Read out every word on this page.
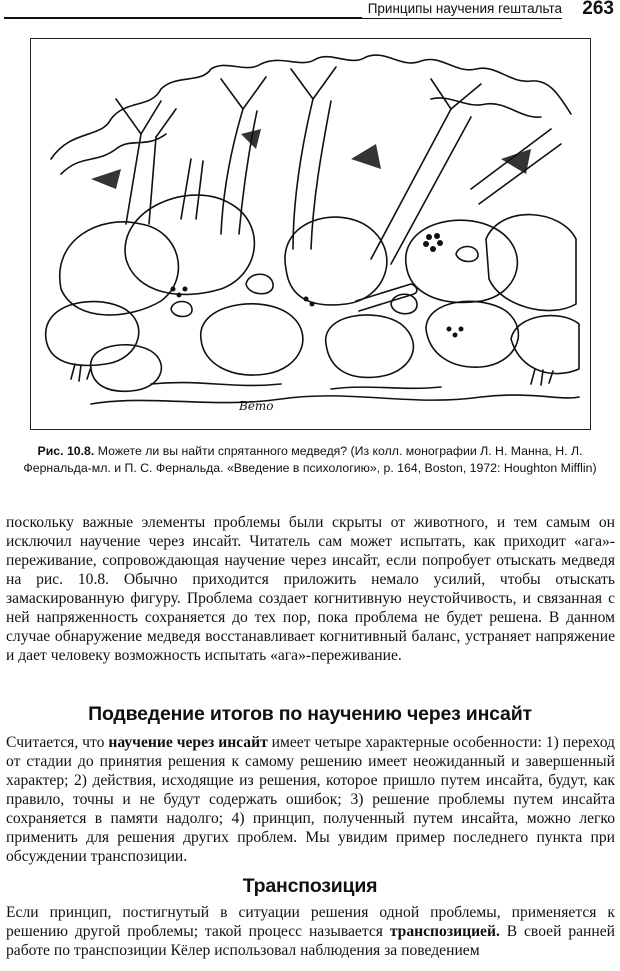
Принципы научения гештальта 263
Bemo
Рис. 10.8. Можете ли вы найти спрятанного медведя? (Из колл. монографии Л. Н. Манна, Н. Л. Фернальда-мл. и П. С. Фернальда. «Введение в психологию», p. 164, Boston, 1972: Houghton Mifflin)
поскольку важные элементы проблемы были скрыты от животного, и тем самым он исключил научение через инсайт. Читатель сам может испытать, как приходит «ага»-переживание, сопровождающая научение через инсайт, если попробует отыскать медведя на рис. 10.8. Обычно приходится приложить немало усилий, чтобы отыскать замаскированную фигуру. Проблема создает когнитивную неустойчивость, и связанная с ней напряженность сохраняется до тех пор, пока проблема не будет решена. В данном случае обнаружение медведя восстанавливает когнитивный баланс, устраняет напряжение и дает человеку возможность испытать «ага»-переживание.
Подведение итогов по научению через инсайт
Считается, что научение через инсайт имеет четыре характерные особенности: 1) переход от стадии до принятия решения к самому решению имеет неожиданный и завершенный характер; 2) действия, исходящие из решения, которое пришло путем инсайта, будут, как правило, точны и не будут содержать ошибок; 3) решение проблемы путем инсайта сохраняется в памяти надолго; 4) принцип, полученный путем инсайта, можно легко применить для решения других проблем. Мы увидим пример последнего пункта при обсуждении транспозиции.
Транспозиция
Если принцип, постигнутый в ситуации решения одной проблемы, применяется к решению другой проблемы; такой процесс называется транспозицией. В своей ранней работе по транспозиции Кёлер использовал наблюдения за поведением
